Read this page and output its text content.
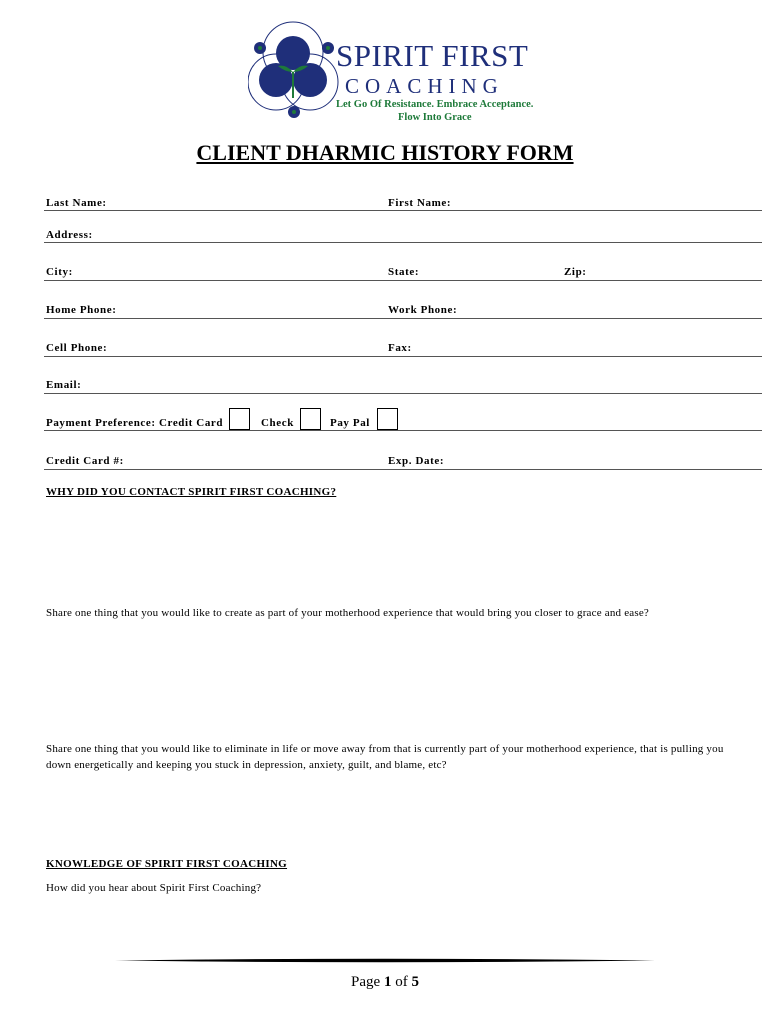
SPIRIT FIRST
COACHING
Let Go Of Resistance. Embrace Acceptance.
Flow Into Grace
CLIENT DHARMIC HISTORY FORM
Last Name:	First Name:
Address:
City:	State:	Zip:
Home Phone:	Work Phone:
Cell Phone:	Fax:
Email:
Payment Preference: Credit Card	Check	Pay Pal
Credit Card #:	Exp. Date:
WHY DID YOU CONTACT SPIRIT FIRST COACHING?
Share one thing that you would like to create as part of your motherhood experience that would bring you closer to grace and ease?
Share one thing that you would like to eliminate in life or move away from that is currently part of your motherhood experience, that is pulling you down energetically and keeping you stuck in depression, anxiety, guilt, and blame, etc?
KNOWLEDGE OF SPIRIT FIRST COACHING
How did you hear about Spirit First Coaching?
Page 1 of 5
